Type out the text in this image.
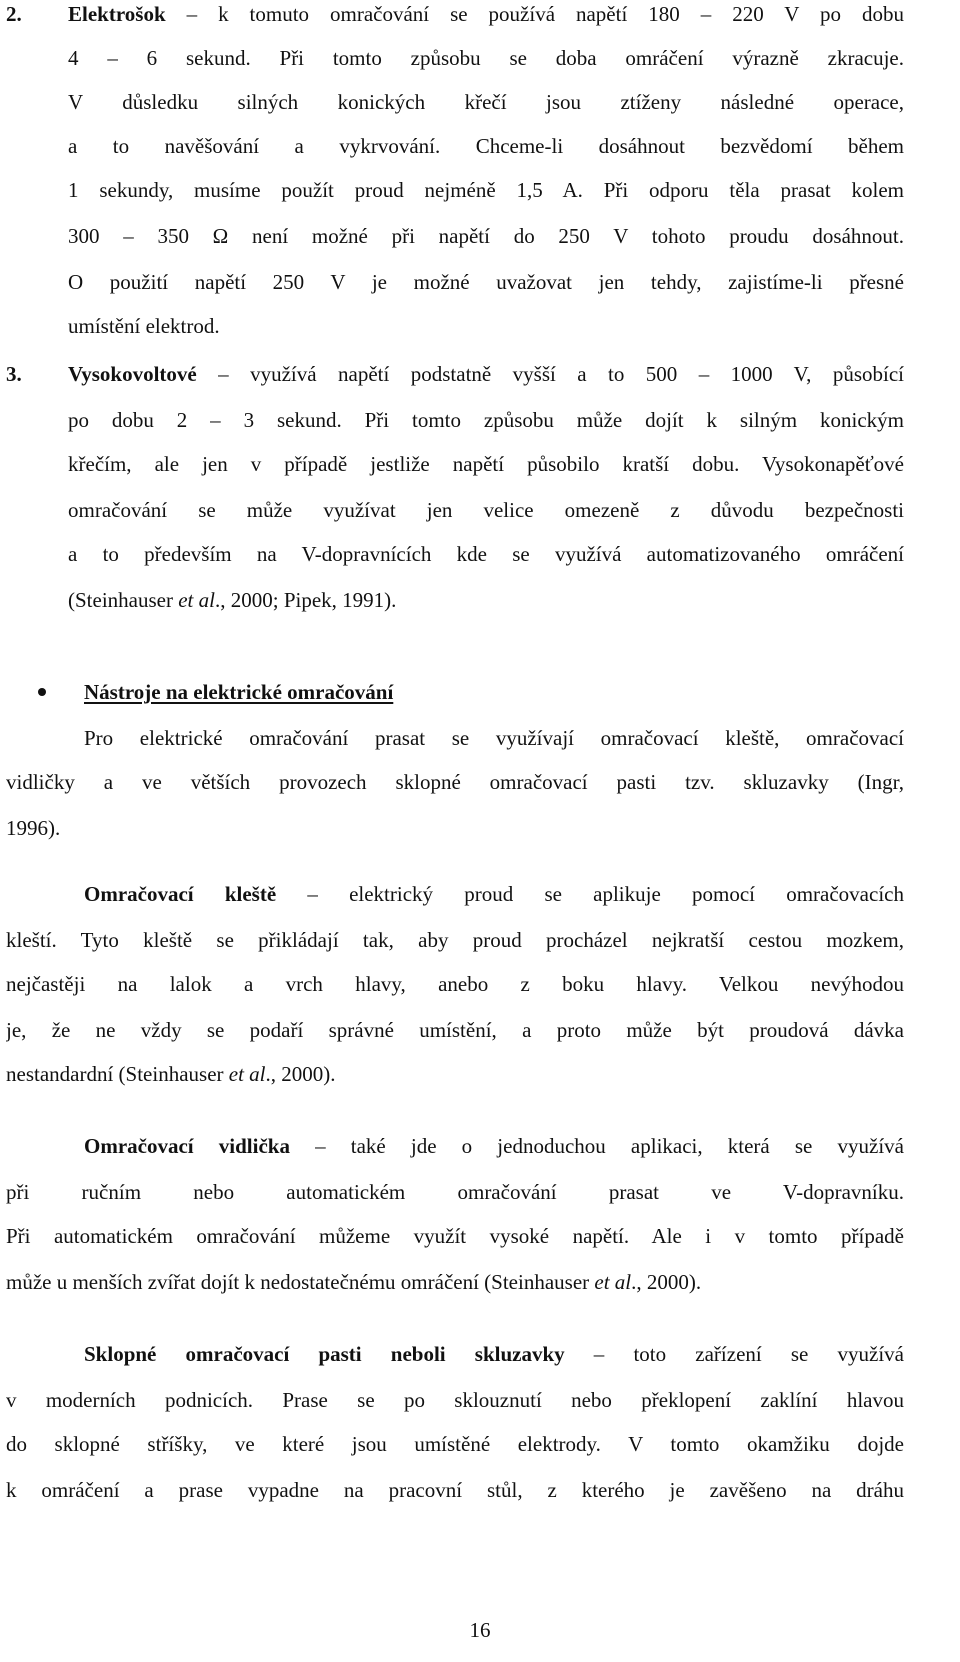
2. Elektrošok – k tomuto omračování se používá napětí 180 – 220 V po dobu
4 – 6 sekund. Při tomto způsobu se doba omráčení výrazně zkracuje.
V důsledku silných konických křečí jsou ztíženy následné operace,
a to navěšování a vykrvování. Chceme-li dosáhnout bezvědomí během
1 sekundy, musíme použít proud nejméně 1,5 A. Při odporu těla prasat kolem
300 – 350 Ω není možné při napětí do 250 V tohoto proudu dosáhnout.
O použití napětí 250 V je možné uvažovat jen tehdy, zajistíme-li přesné
umístění elektrod.
3. Vysokovoltové – využívá napětí podstatně vyšší a to 500 – 1000 V, působící
po dobu 2 – 3 sekund. Při tomto způsobu může dojít k silným konickým
křečím, ale jen v případě jestliže napětí působilo kratší dobu. Vysokonapěťové
omračování se může využívat jen velice omezeně z důvodu bezpečnosti
a to především na V-dopravnících kde se využívá automatizovaného omráčení
(Steinhauser et al., 2000; Pipek, 1991).
Nástroje na elektrické omračování
Pro elektrické omračování prasat se využívají omračovací kleště, omračovací
vidličky a ve větších provozech sklopné omračovací pasti tzv. skluzavky (Ingr,
1996).
Omračovací kleště – elektrický proud se aplikuje pomocí omračovacích
kleští. Tyto kleště se přikládají tak, aby proud procházel nejkratší cestou mozkem,
nejčastěji na lalok a vrch hlavy, anebo z boku hlavy. Velkou nevýhodou
je, že ne vždy se podaří správné umístění, a proto může být proudová dávka
nestandardní (Steinhauser et al., 2000).
Omračovací vidlička – také jde o jednoduchou aplikaci, která se využívá
při ručním nebo automatickém omračování prasat ve V-dopravníku.
Při automatickém omračování můžeme využít vysoké napětí. Ale i v tomto případě
může u menších zvířat dojít k nedostatečnému omráčení (Steinhauser et al., 2000).
Sklopné omračovací pasti neboli skluzavky – toto zařízení se využívá
v moderních podnicích. Prase se po sklouznutí nebo překlopení zaklíní hlavou
do sklopné stříšky, ve které jsou umístěné elektrody. V tomto okamžiku dojde
k omráčení a prase vypadne na pracovní stůl, z kterého je zavěšeno na dráhu
16
